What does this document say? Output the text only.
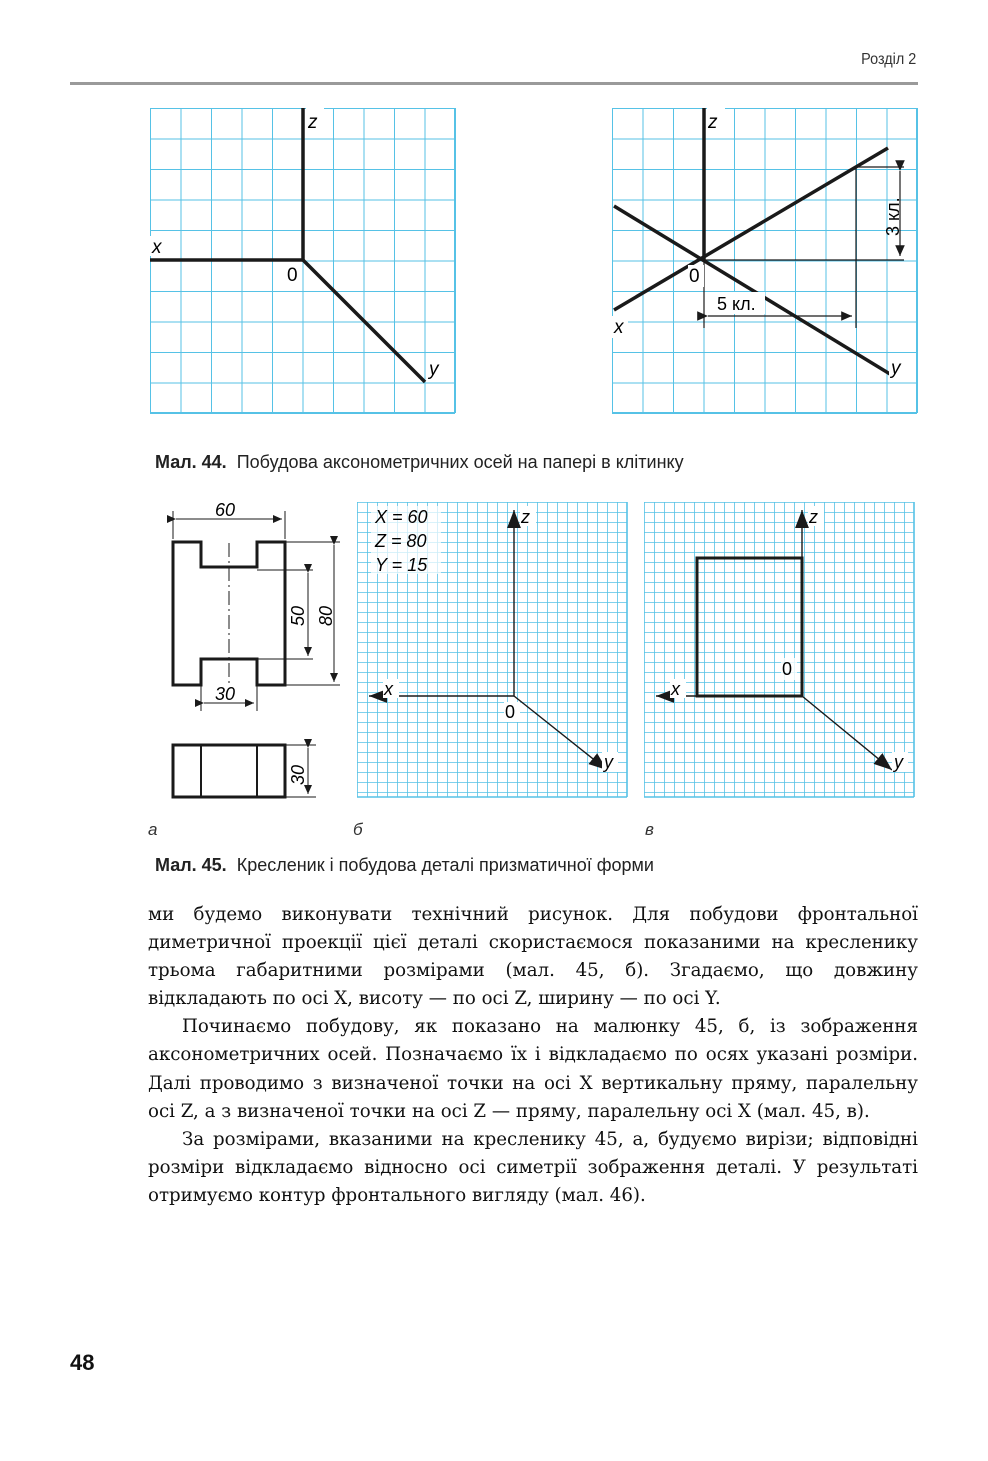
Розділ 2
z
x
0
y
z
0
5 кл.
3 кл.
x
y
Мал. 44. Побудова аксонометричних осей на папері в клітинку
60
50 80
30
30
X = 60
Z = 80
Y = 15
z
x
0
y
z
x
0
y
а	б	в
Мал. 45. Кресленик і побудова деталі призматичної форми

ми будемо виконувати технічний рисунок. Для побудови фронтальної диметричної проекції цієї деталі скористаємося показаними на кресленику трьома габаритними розмірами (мал. 45, б). Згадаємо, що довжину відкладають по осі X, висоту — по осі Z, ширину — по осі Y.

Починаємо побудову, як показано на малюнку 45, б, із зображення аксонометричних осей. Позначаємо їх і відкладаємо по осях указані розміри. Далі проводимо з визначеної точки на осі X вертикальну пряму, паралельну осі Z, а з визначеної точки на осі Z — пряму, паралельну осі X (мал. 45, в).

За розмірами, вказаними на кресленику 45, а, будуємо вирізи; відповідні розміри відкладаємо відносно осі симетрії зображення деталі. У результаті отримуємо контур фронтального вигляду (мал. 46).

48
